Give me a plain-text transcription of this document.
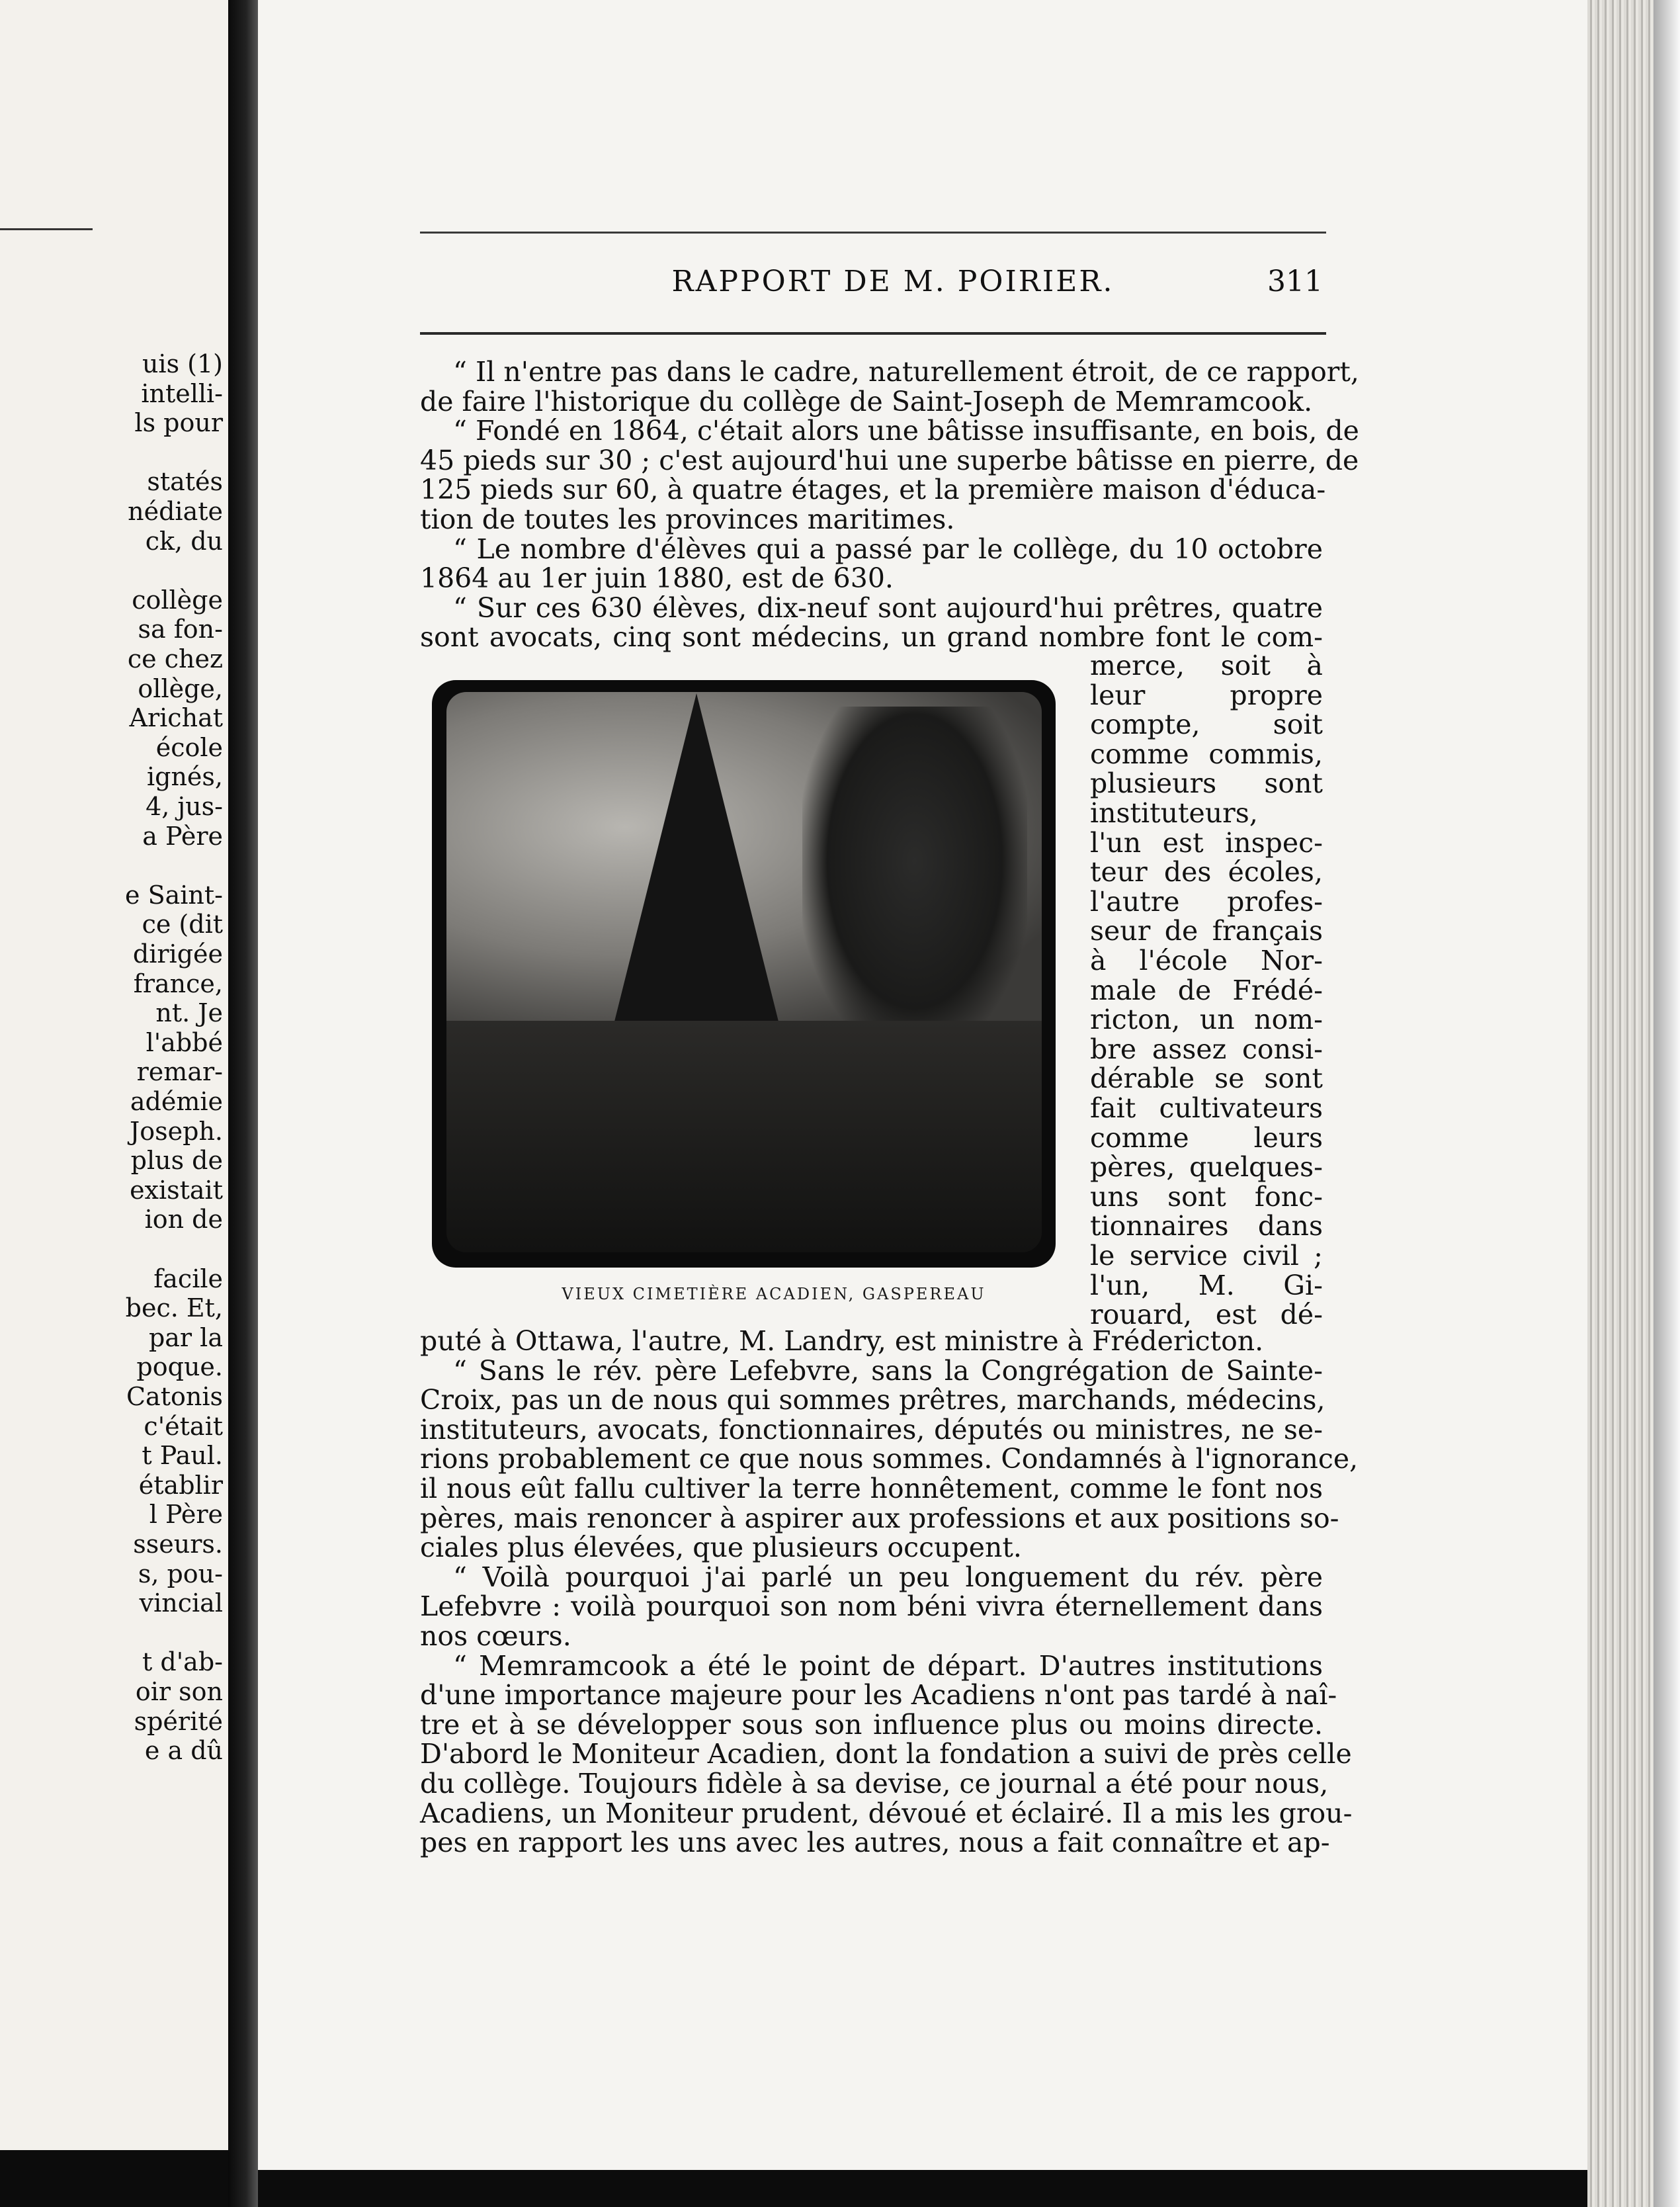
uis (1)
intelli-
ls pour
statés
nédiate
ck, du
collège
sa fon-
ce chez
ollège,
Arichat
école
ignés,
4, jus-
a Père
e Saint-
ce (dit
dirigée
france,
nt. Je
l'abbé
remar-
adémie
Joseph.
plus de
existait
ion de
facile
bec. Et,
par la
poque.
Catonis
c'était
t Paul.
établir
l Père
sseurs.
s, pou-
vincial
t d'ab-
oir son
spérité
e a dû
RAPPORT DE M. POIRIER.	311
“ Il n'entre pas dans le cadre, naturellement étroit, de ce rapport,
de faire l'historique du collège de Saint-Joseph de Memramcook.
“ Fondé en 1864, c'était alors une bâtisse insuffisante, en bois, de
45 pieds sur 30 ; c'est aujourd'hui une superbe bâtisse en pierre, de
125 pieds sur 60, à quatre étages, et la première maison d'éduca-
tion de toutes les provinces maritimes.
“ Le nombre d'élèves qui a passé par le collège, du 10 octobre
1864 au 1er juin 1880, est de 630.
“ Sur ces 630 élèves, dix-neuf sont aujourd'hui prêtres, quatre
sont avocats, cinq sont médecins, un grand nombre font le com-
merce, soit à
leur propre
compte, soit
comme commis,
plusieurs sont
instituteurs,
l'un est inspec-
teur des écoles,
l'autre profes-
seur de français
à l'école Nor-
male de Frédé-
ricton, un nom-
bre assez consi-
dérable se sont
fait cultivateurs
comme leurs
pères, quelques-
uns sont fonc-
tionnaires dans
le service civil ;
l'un, M. Gi-
rouard, est dé-
puté à Ottawa, l'autre, M. Landry, est ministre à Frédericton.
“ Sans le rév. père Lefebvre, sans la Congrégation de Sainte-
Croix, pas un de nous qui sommes prêtres, marchands, médecins,
instituteurs, avocats, fonctionnaires, députés ou ministres, ne se-
rions probablement ce que nous sommes. Condamnés à l'ignorance,
il nous eût fallu cultiver la terre honnêtement, comme le font nos
pères, mais renoncer à aspirer aux professions et aux positions so-
ciales plus élevées, que plusieurs occupent.
“ Voilà pourquoi j'ai parlé un peu longuement du rév. père
Lefebvre : voilà pourquoi son nom béni vivra éternellement dans
nos cœurs.
“ Memramcook a été le point de départ. D'autres institutions
d'une importance majeure pour les Acadiens n'ont pas tardé à naî-
tre et à se développer sous son influence plus ou moins directe.
D'abord le Moniteur Acadien, dont la fondation a suivi de près celle
du collège. Toujours fidèle à sa devise, ce journal a été pour nous,
Acadiens, un Moniteur prudent, dévoué et éclairé. Il a mis les grou-
pes en rapport les uns avec les autres, nous a fait connaître et ap-
VIEUX CIMETIÈRE ACADIEN, GASPEREAU
